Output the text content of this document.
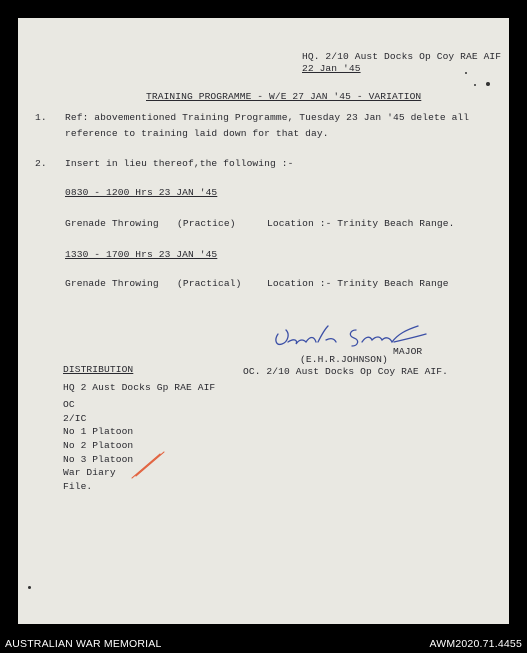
HQ. 2/10 Aust Docks Op Coy RAE AIF
22 Jan '45
TRAINING PROGRAMME - W/E 27 JAN '45 - VARIATION
1. Ref: abovementioned Training Programme, Tuesday 23 Jan '45 delete all
reference to training laid down for that day.
2. Insert in lieu thereof,the following :-
0830 - 1200 Hrs 23 JAN '45
Grenade Throwing (Practice)	Location :- Trinity Beach Range.
1330 - 1700 Hrs 23 JAN '45
Grenade Throwing (Practical)	Location :- Trinity Beach Range
MAJOR
(E.H.R.JOHNSON)
OC. 2/10 Aust Docks Op Coy RAE AIF.
DISTRIBUTION
HQ 2 Aust Docks Gp RAE AIF
OC
2/IC
No 1 Platoon
No 2 Platoon
No 3 Platoon
War Diary
File.
AUSTRALIAN WAR MEMORIAL	AWM2020.71.4455
